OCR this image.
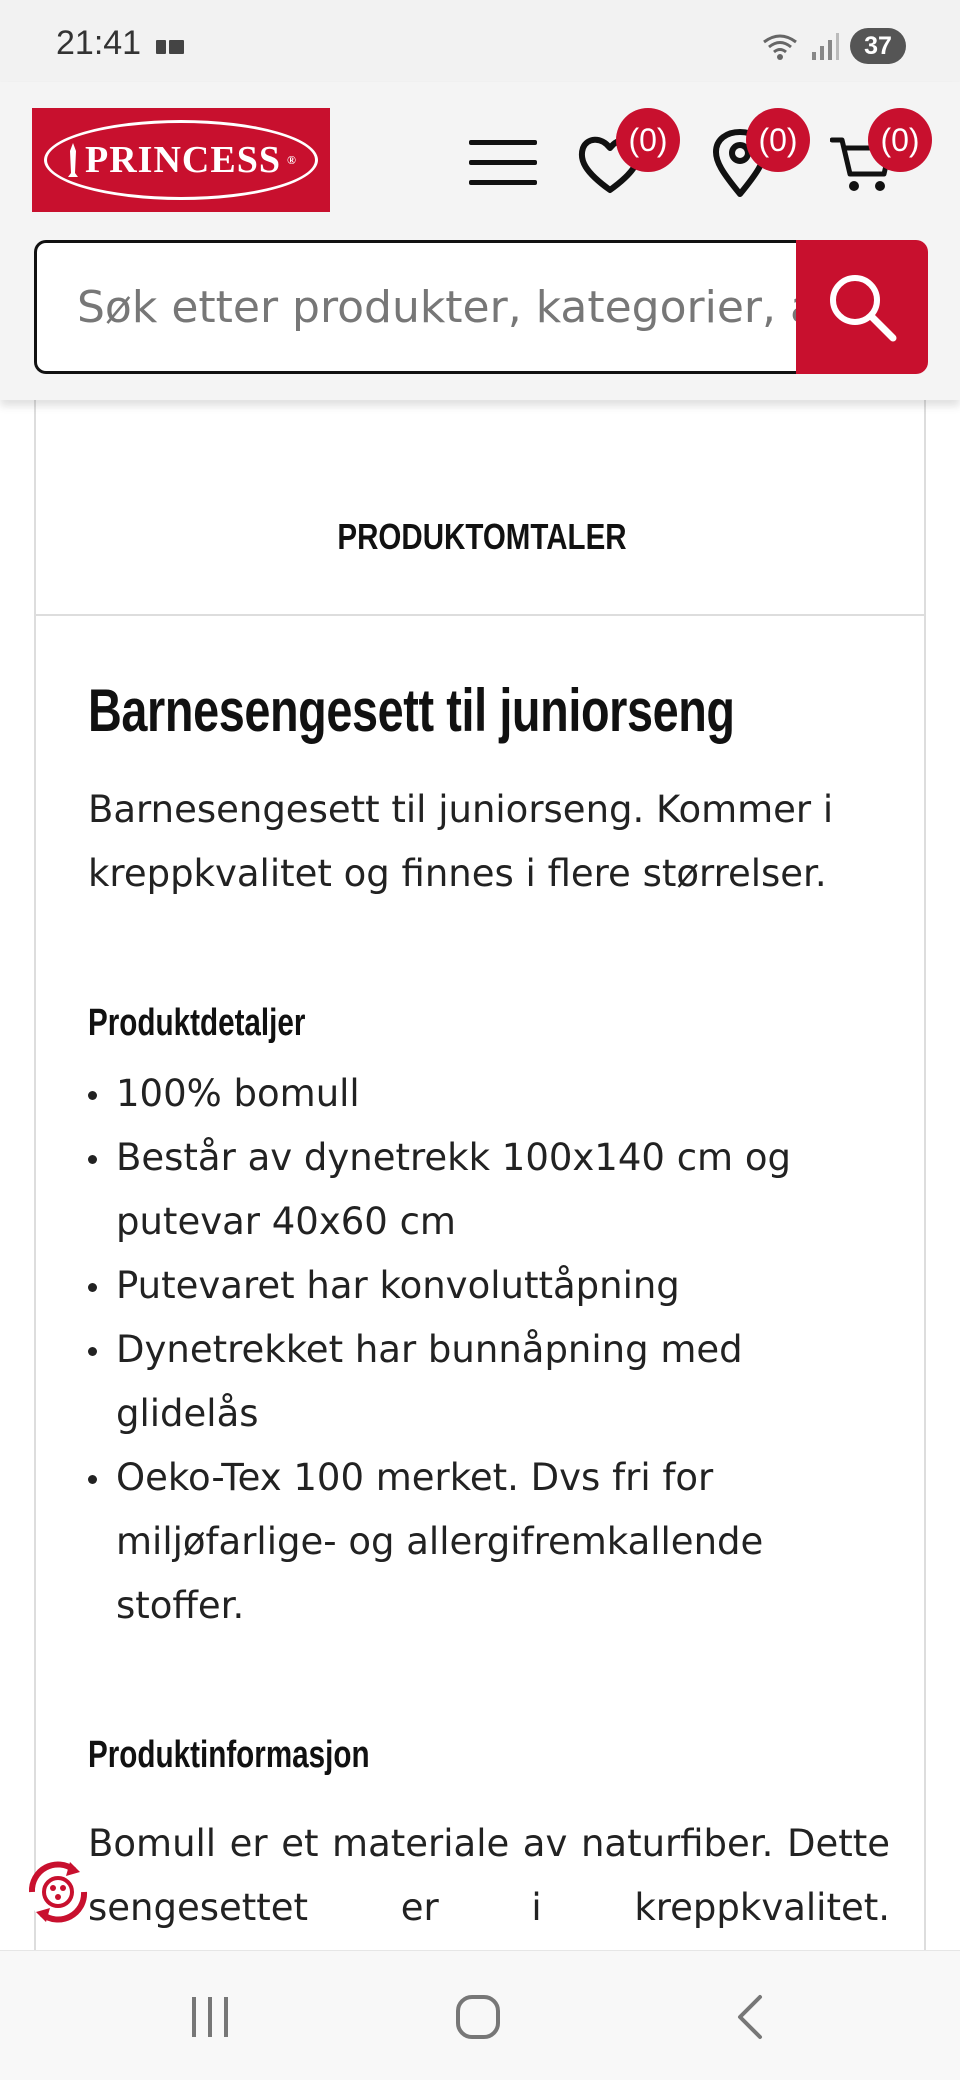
21:41	37
PRINCESS ®
(0)	(0)	(0)
Søk etter produkter, kategorier, artikler
PRODUKTOMTALER
Barnesengesett til juniorseng
Barnesengesett til juniorseng. Kommer i kreppkvalitet og finnes i flere størrelser.
Produktdetaljer
100% bomull
Består av dynetrekk 100x140 cm og putevar 40x60 cm
Putevaret har konvoluttåpning
Dynetrekket har bunnåpning med glidelås
Oeko-Tex 100 merket. Dvs fri for miljøfarlige- og allergifremkallende stoffer.
Produktinformasjon
Bomull er et materiale av naturfiber. Dette sengesettet er i kreppkvalitet.
